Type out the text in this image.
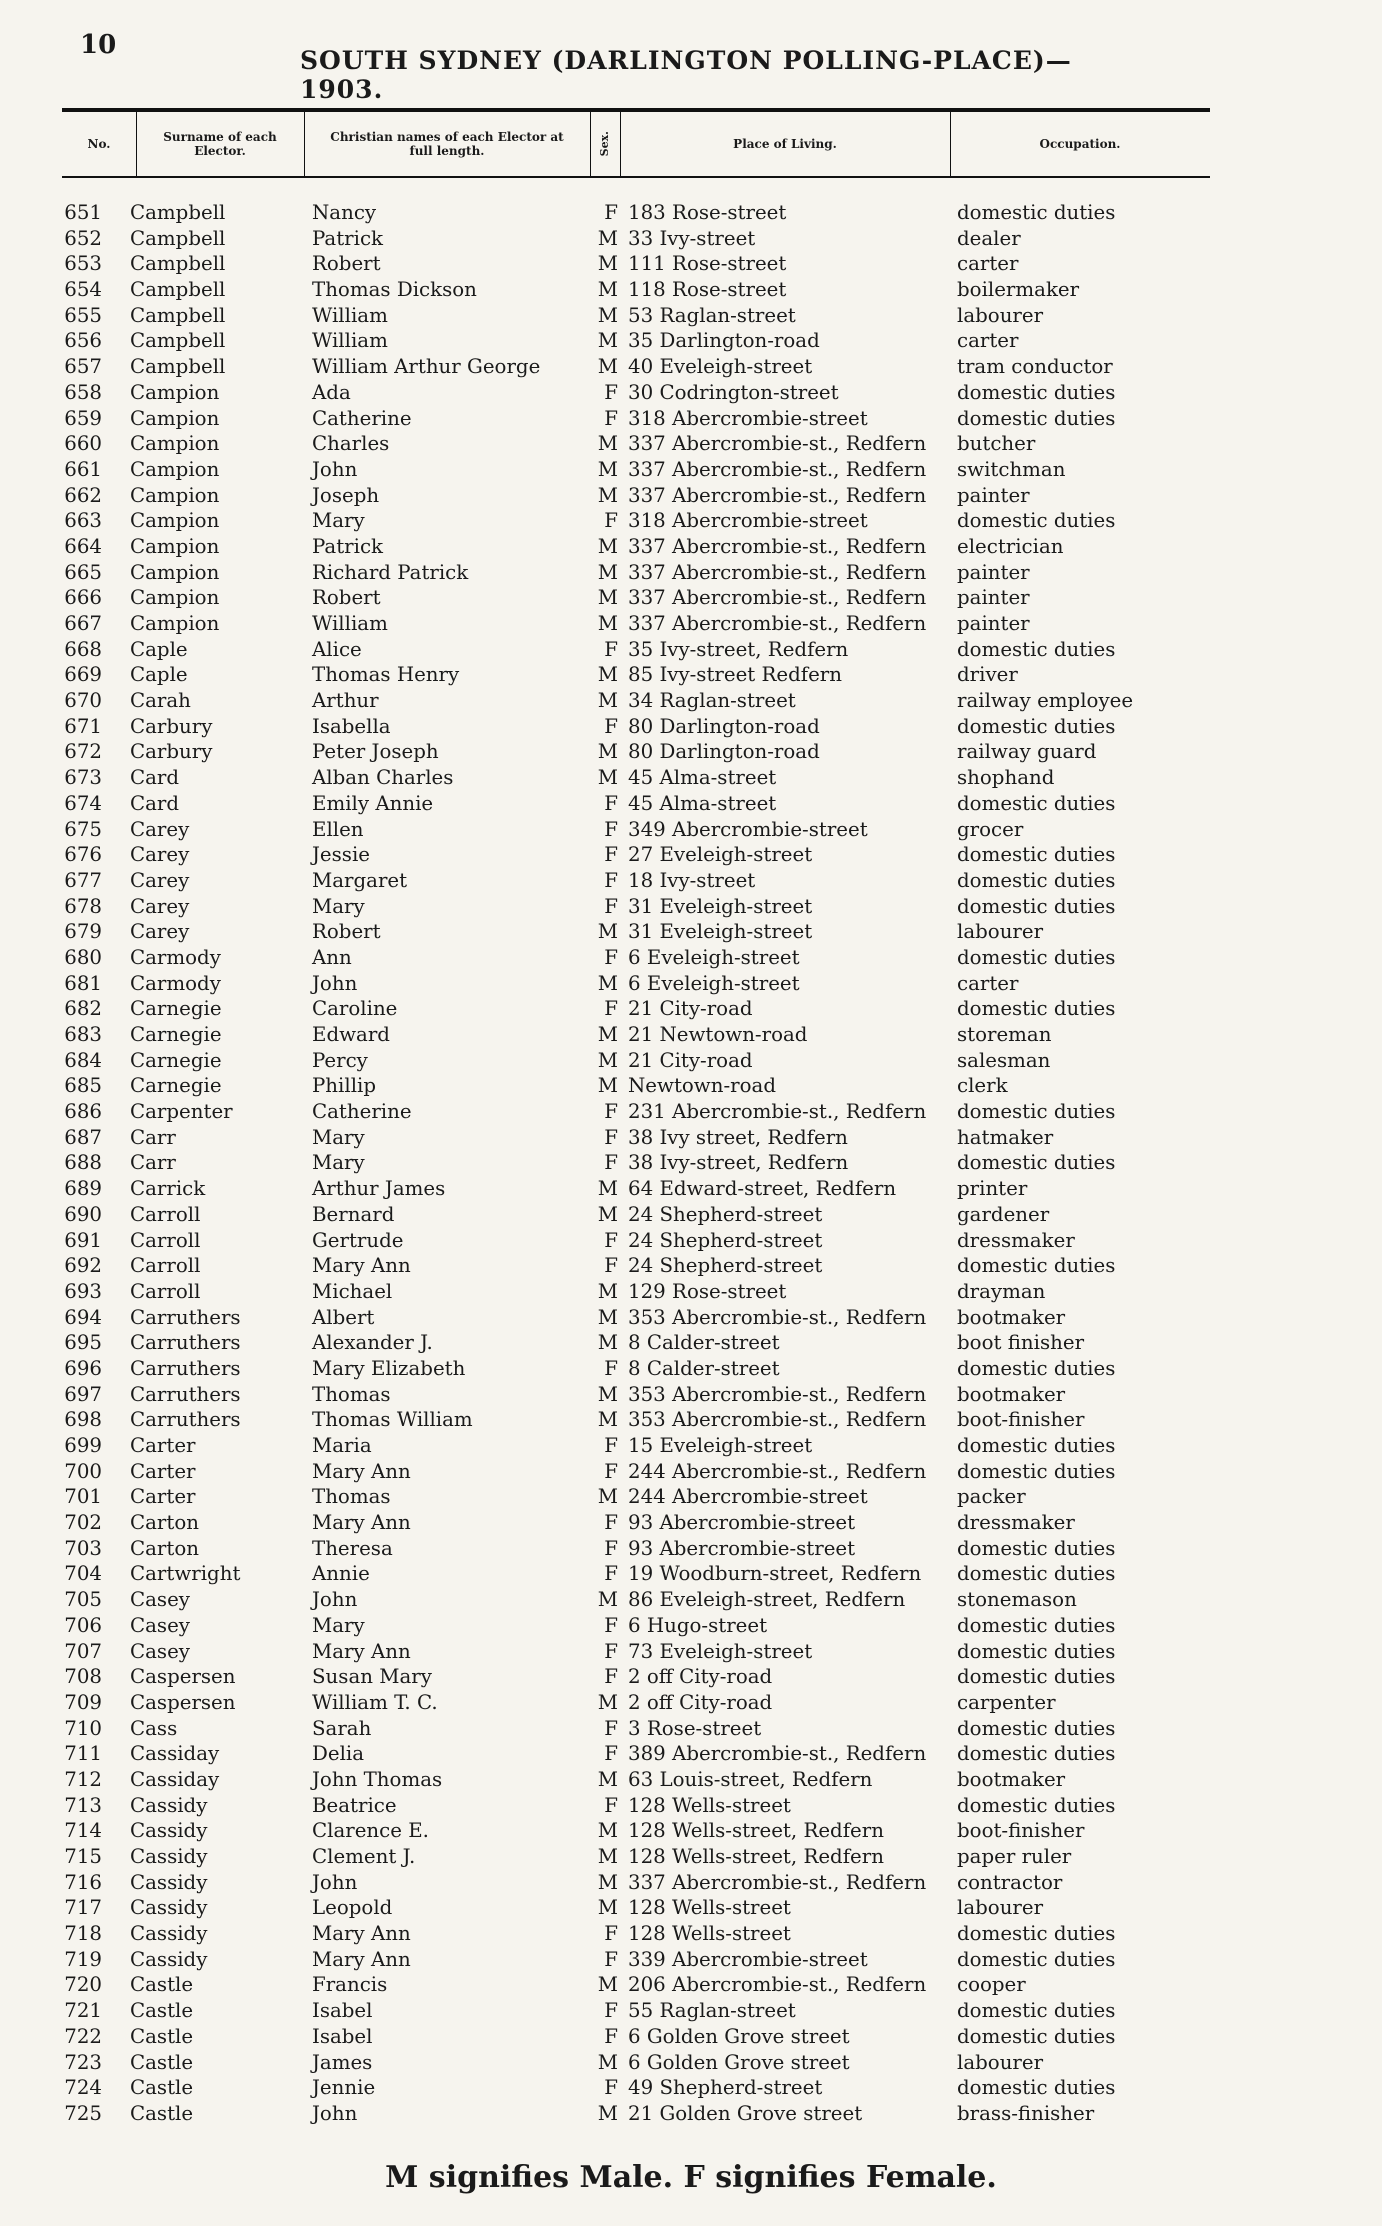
10
SOUTH SYDNEY (DARLINGTON POLLING-PLACE)—1903.
No.	Surname of each Elector.
Christian names of each Elector at full length.	Sex.	Place of Living.	Occupation.
651 Campbell	Nancy	F 183 Rose-street	domestic duties
652 Campbell	Patrick	M 33 Ivy-street	dealer
653 Campbell	Robert	M 111 Rose-street	carter
654 Campbell	Thomas Dickson	M 118 Rose-street	boilermaker
655 Campbell	William	M 53 Raglan-street	labourer
656 Campbell	William	M 35 Darlington-road	carter
657 Campbell	William Arthur George	M 40 Eveleigh-street	tram conductor
658 Campion	Ada	F 30 Codrington-street	domestic duties
659 Campion	Catherine	F 318 Abercrombie-street	domestic duties
660 Campion	Charles	M 337 Abercrombie-st., Redfern butcher
661 Campion	John	M 337 Abercrombie-st., Redfern switchman
662 Campion	Joseph	M 337 Abercrombie-st., Redfern painter
663 Campion	Mary	F 318 Abercrombie-street	domestic duties
664 Campion	Patrick	M 337 Abercrombie-st., Redfern electrician
665 Campion	Richard Patrick	M 337 Abercrombie-st., Redfern painter
666 Campion	Robert	M 337 Abercrombie-st., Redfern painter
667 Campion	William	M 337 Abercrombie-st., Redfern painter
668 Caple	Alice	F 35 Ivy-street, Redfern	domestic duties
669 Caple	Thomas Henry	M 85 Ivy-street Redfern	driver
670 Carah	Arthur	M 34 Raglan-street	railway employee
671 Carbury	Isabella	F 80 Darlington-road	domestic duties
672 Carbury	Peter Joseph	M 80 Darlington-road	railway guard
673 Card	Alban Charles	M 45 Alma-street	shophand
674 Card	Emily Annie	F 45 Alma-street	domestic duties
675 Carey	Ellen	F 349 Abercrombie-street	grocer
676 Carey	Jessie	F 27 Eveleigh-street	domestic duties
677 Carey	Margaret	F 18 Ivy-street	domestic duties
678 Carey	Mary	F 31 Eveleigh-street	domestic duties
679 Carey	Robert	M 31 Eveleigh-street	labourer
680 Carmody	Ann	F 6 Eveleigh-street	domestic duties
681 Carmody	John	M 6 Eveleigh-street	carter
682 Carnegie	Caroline	F 21 City-road	domestic duties
683 Carnegie	Edward	M 21 Newtown-road	storeman
684 Carnegie	Percy	M 21 City-road	salesman
685 Carnegie	Phillip	M Newtown-road	clerk
686 Carpenter	Catherine	F 231 Abercrombie-st., Redfern domestic duties
687 Carr	Mary	F 38 Ivy street, Redfern	hatmaker
688 Carr	Mary	F 38 Ivy-street, Redfern	domestic duties
689 Carrick	Arthur James	M 64 Edward-street, Redfern	printer
690 Carroll	Bernard	M 24 Shepherd-street	gardener
691 Carroll	Gertrude	F 24 Shepherd-street	dressmaker
692 Carroll	Mary Ann	F 24 Shepherd-street	domestic duties
693 Carroll	Michael	M 129 Rose-street	drayman
694 Carruthers	Albert	M 353 Abercrombie-st., Redfern bootmaker
695 Carruthers	Alexander J.	M 8 Calder-street	boot finisher
696 Carruthers	Mary Elizabeth	F 8 Calder-street	domestic duties
697 Carruthers	Thomas	M 353 Abercrombie-st., Redfern bootmaker
698 Carruthers	Thomas William	M 353 Abercrombie-st., Redfern boot-finisher
699 Carter	Maria	F 15 Eveleigh-street	domestic duties
700 Carter	Mary Ann	F 244 Abercrombie-st., Redfern domestic duties
701 Carter	Thomas	M 244 Abercrombie-street	packer
702 Carton	Mary Ann	F 93 Abercrombie-street	dressmaker
703 Carton	Theresa	F 93 Abercrombie-street	domestic duties
704 Cartwright	Annie	F 19 Woodburn-street, Redfern domestic duties
705 Casey	John	M 86 Eveleigh-street, Redfern	stonemason
706 Casey	Mary	F 6 Hugo-street	domestic duties
707 Casey	Mary Ann	F 73 Eveleigh-street	domestic duties
708 Caspersen	Susan Mary	F 2 off City-road	domestic duties
709 Caspersen	William T. C.	M 2 off City-road	carpenter
710 Cass	Sarah	F 3 Rose-street	domestic duties
711 Cassiday	Delia	F 389 Abercrombie-st., Redfern domestic duties
712 Cassiday	John Thomas	M 63 Louis-street, Redfern	bootmaker
713 Cassidy	Beatrice	F 128 Wells-street	domestic duties
714 Cassidy	Clarence E.	M 128 Wells-street, Redfern	boot-finisher
715 Cassidy	Clement J.	M 128 Wells-street, Redfern	paper ruler
716 Cassidy	John	M 337 Abercrombie-st., Redfern contractor
717 Cassidy	Leopold	M 128 Wells-street	labourer
718 Cassidy	Mary Ann	F 128 Wells-street	domestic duties
719 Cassidy	Mary Ann	F 339 Abercrombie-street	domestic duties
720 Castle	Francis	M 206 Abercrombie-st., Redfern cooper
721 Castle	Isabel	F 55 Raglan-street	domestic duties
722 Castle	Isabel	F 6 Golden Grove street	domestic duties
723 Castle	James	M 6 Golden Grove street	labourer
724 Castle	Jennie	F 49 Shepherd-street	domestic duties
725 Castle	John	M 21 Golden Grove street	brass-finisher
M signifies Male. F signifies Female.
